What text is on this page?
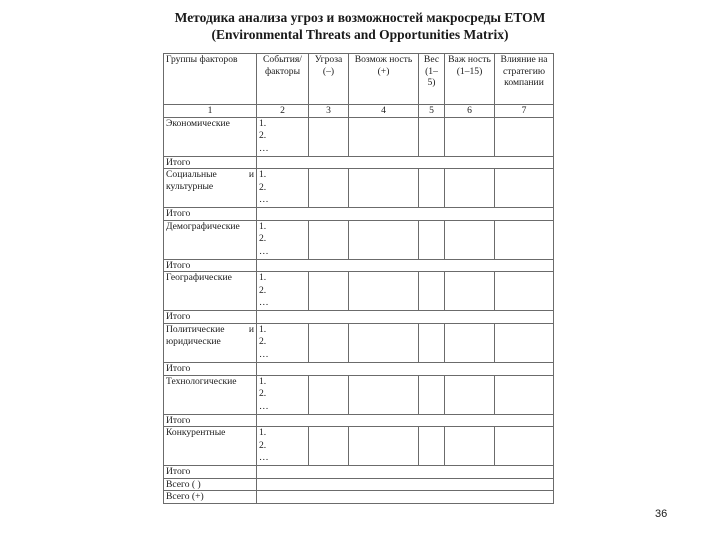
Методика анализа угроз и возможностей макросреды ETOM
(Environmental Threats and Opportunities Matrix)
Группы факторов	События/ факторы	Угроза (–)	Возмож ность (+)	Вес (1– 5)	Важ ность (1–15)	Влияние на стратегию компании
1	2	3	4	5	6	7
Экономические	1.
2.
…					

Итого						
Социальные и культурные	1.
2.
…					

Итого						
Демографические	1.
2.
…					

Итого						
Географические	1.
2.
…					

Итого						
Политические и юридические	1.
2.
…					

Итого						
Технологические	1.
2.
…					

Итого						
Конкурентные	1.
2.
…					

Итого						
Всего ( )						
Всего (+)						
36
